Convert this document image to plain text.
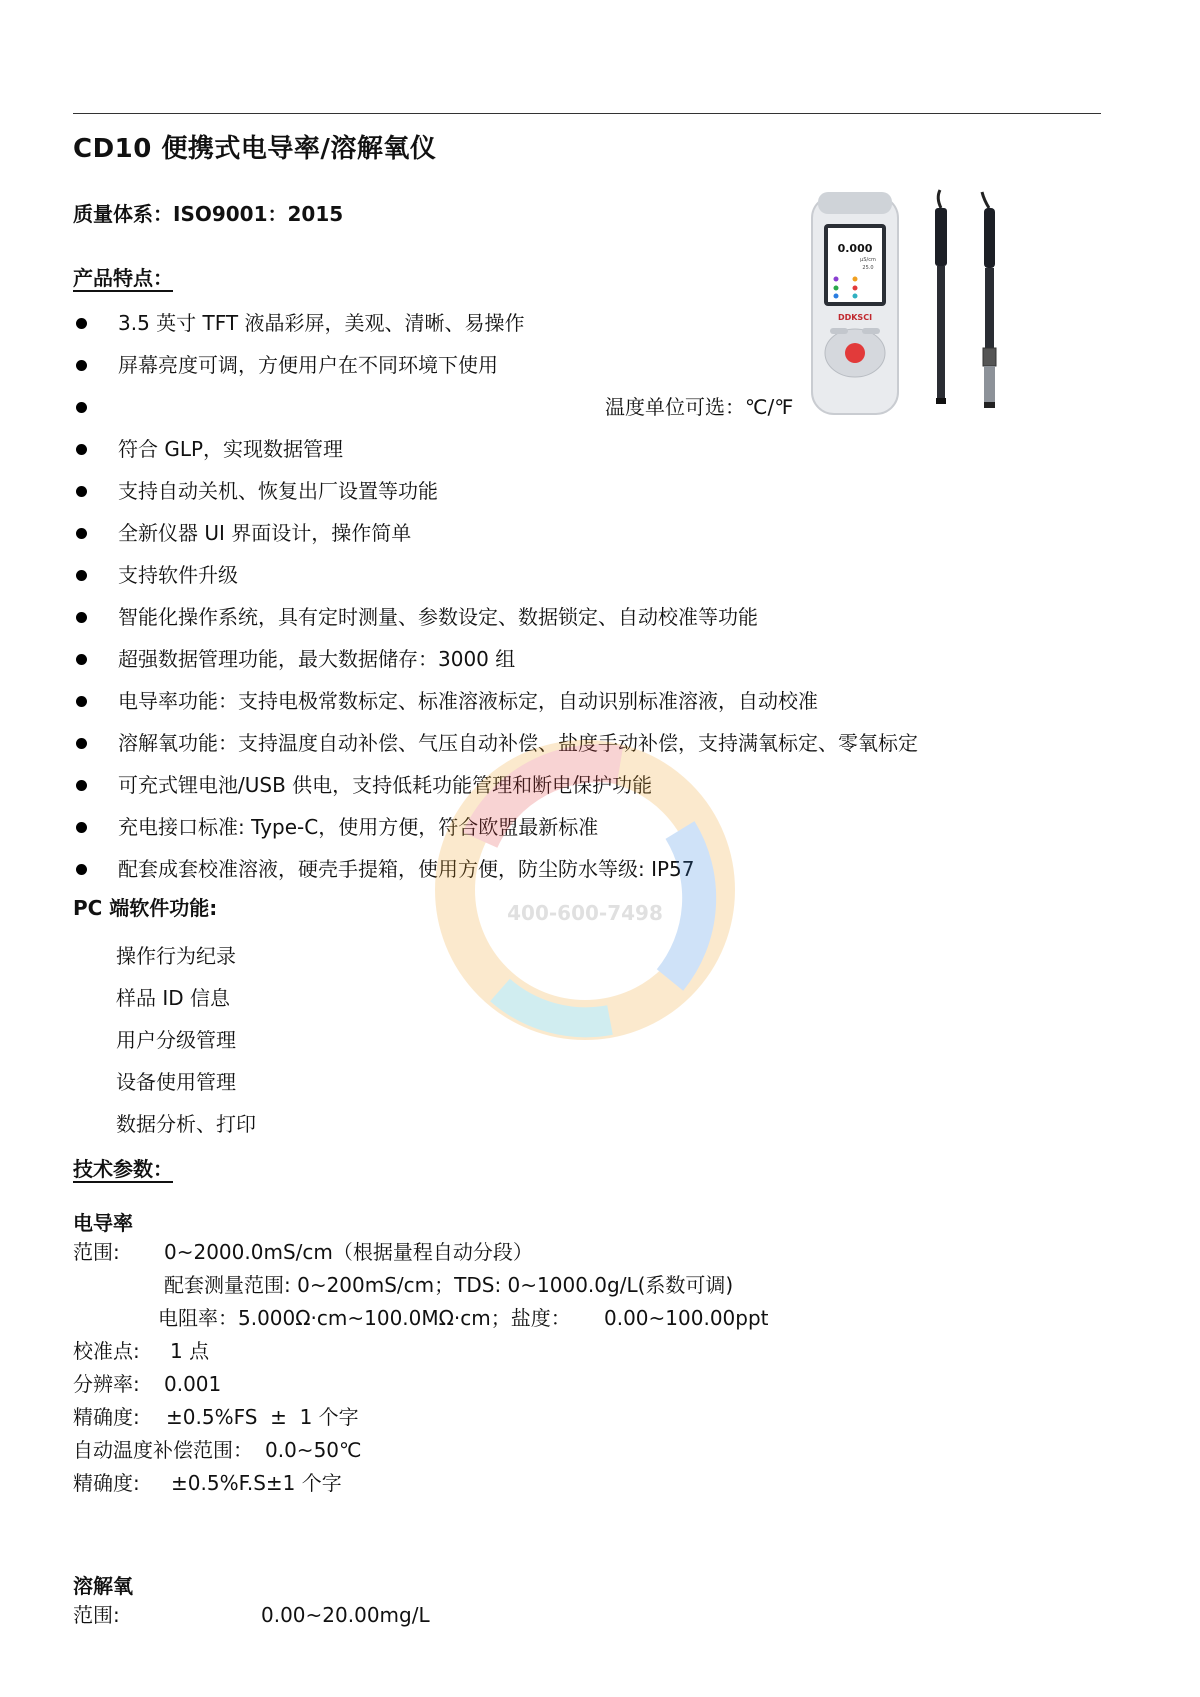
CD10 便携式电导率/溶解氧仪
质量体系：ISO9001：2015
产品特点：
3.5 英寸 TFT 液晶彩屏，美观、清晰、易操作
屏幕亮度可调，方便用户在不同环境下使用
温度单位可选：℃/℉
符合 GLP，实现数据管理
支持自动关机、恢复出厂设置等功能
全新仪器 UI 界面设计，操作简单
支持软件升级
智能化操作系统，具有定时测量、参数设定、数据锁定、自动校准等功能
超强数据管理功能，最大数据储存：3000 组
电导率功能：支持电极常数标定、标准溶液标定，自动识别标准溶液，自动校准
溶解氧功能：支持温度自动补偿、气压自动补偿、盐度手动补偿，支持满氧标定、零氧标定
可充式锂电池/USB 供电，支持低耗功能管理和断电保护功能
充电接口标准: Type-C，使用方便，符合欧盟最新标准
配套成套校准溶液，硬壳手提箱，使用方便，防尘防水等级: IP57
0.000
μS/cm
25.0
DDKSCI
400-600-7498
PC 端软件功能:
操作行为纪录
样品 ID 信息
用户分级管理
设备使用管理
数据分析、打印
技术参数：
电导率
范围: 0~2000.0mS/cm（根据量程自动分段）
配套测量范围: 0~200mS/cm；TDS: 0~1000.0g/L(系数可调)
电阻率：5.000Ω·cm~100.0MΩ·cm；盐度： 0.00~100.00ppt
校准点: 1 点
分辨率: 0.001
精确度: ±0.5%FS  ±  1 个字
自动温度补偿范围： 0.0~50℃
精确度: ±0.5%F.S±1 个字
溶解氧
范围:	0.00~20.00mg/L
